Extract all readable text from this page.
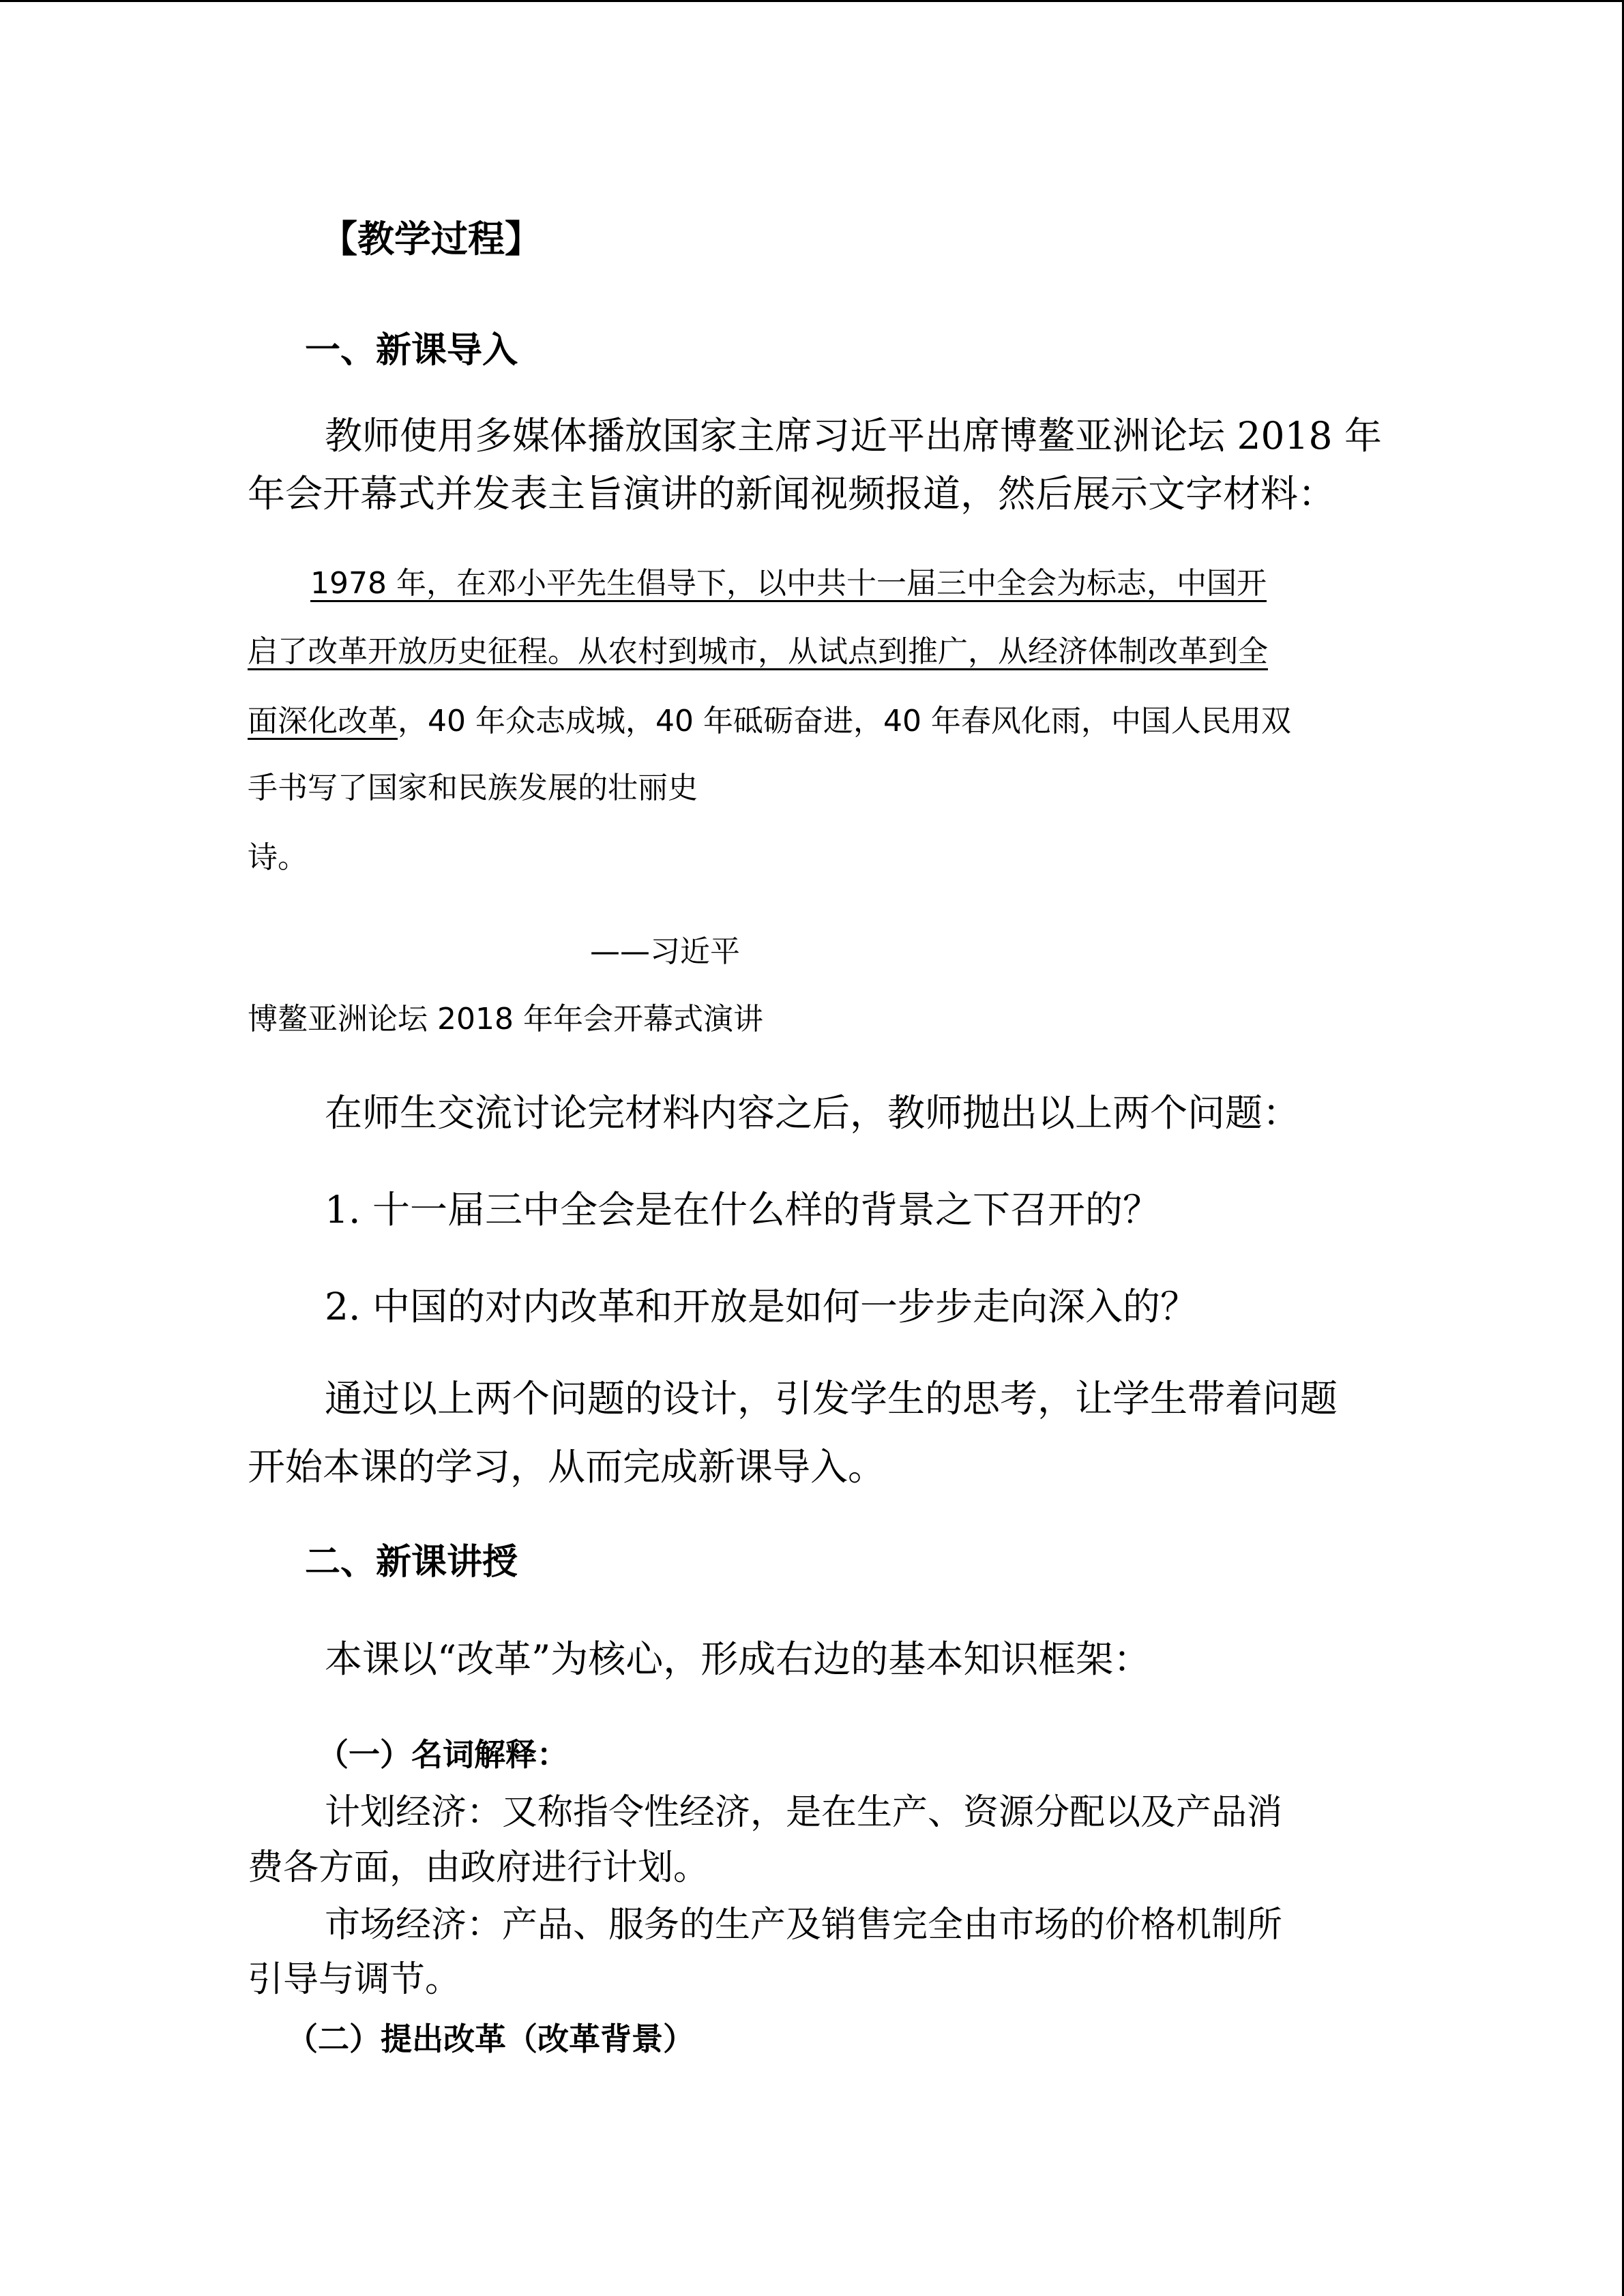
【教学过程】
一、新课导入
教师使用多媒体播放国家主席习近平出席博鳌亚洲论坛 2018 年
年会开幕式并发表主旨演讲的新闻视频报道，然后展示文字材料：
1978 年，在邓小平先生倡导下，以中共十一届三中全会为标志，中国开
启了改革开放历史征程。从农村到城市，从试点到推广，从经济体制改革到全
面深化改革，40 年众志成城，40 年砥砺奋进，40 年春风化雨，中国人民用双
手书写了国家和民族发展的壮丽史
诗。
——习近平
博鳌亚洲论坛 2018 年年会开幕式演讲
在师生交流讨论完材料内容之后，教师抛出以上两个问题：
1. 十一届三中全会是在什么样的背景之下召开的？
2. 中国的对内改革和开放是如何一步步走向深入的？
通过以上两个问题的设计，引发学生的思考，让学生带着问题
开始本课的学习，从而完成新课导入。
二、新课讲授
本课以“改革”为核心，形成右边的基本知识框架：
（一）名词解释：
计划经济：又称指令性经济，是在生产、资源分配以及产品消
费各方面，由政府进行计划。
市场经济：产品、服务的生产及销售完全由市场的价格机制所
引导与调节。
（二）提出改革（改革背景）
